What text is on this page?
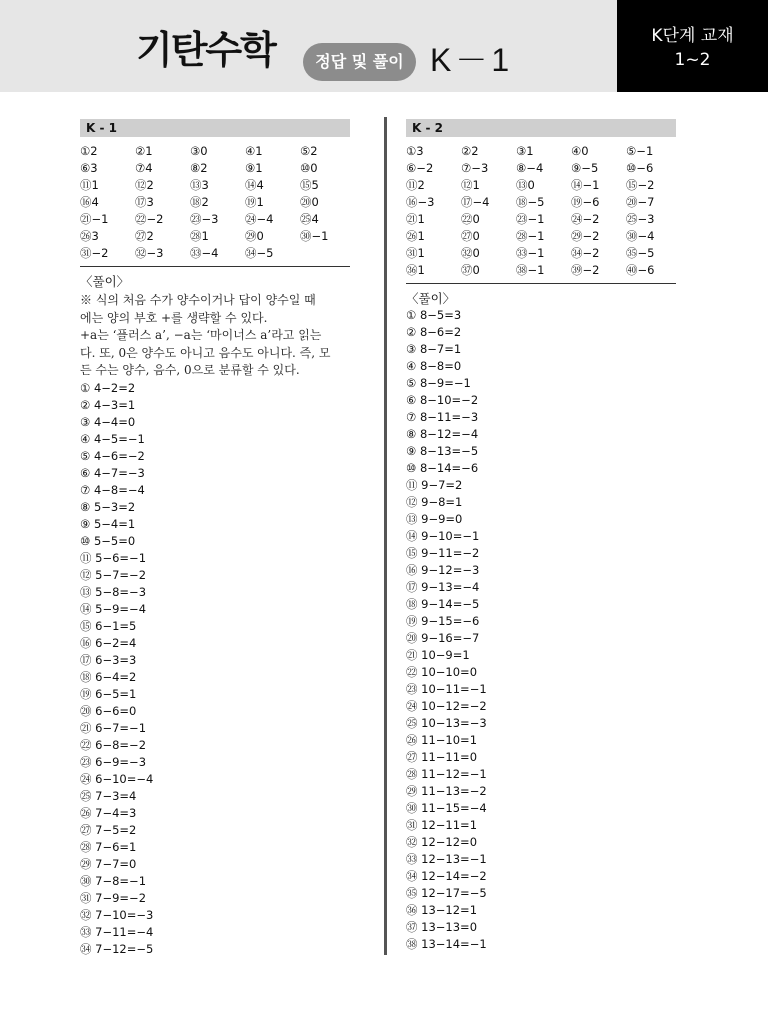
기탄수학	정답 및 풀이 K－1
K단계 교재
1~2
K - 1
①2	②1	③0	④1	⑤2
⑥3	⑦4	⑧2	⑨1	⑩0
⑪1	⑫2	⑬3	⑭4	⑮5
⑯4	⑰3	⑱2	⑲1	⑳0
㉑−1	㉒−2	㉓−3	㉔−4	㉕4
㉖3	㉗2	㉘1	㉙0	㉚−1
㉛−2	㉜−3	㉝−4	㉞−5
〈풀이〉
※ 식의 처음 수가 양수이거나 답이 양수일 때
에는 양의 부호 +를 생략할 수 있다.
+a는 ‘플러스 a’, −a는 ‘마이너스 a’라고 읽는
다. 또, 0은 양수도 아니고 음수도 아니다. 즉, 모
든 수는 양수, 음수, 0으로 분류할 수 있다.
① 4−2=2
② 4−3=1
③ 4−4=0
④ 4−5=−1
⑤ 4−6=−2
⑥ 4−7=−3
⑦ 4−8=−4
⑧ 5−3=2
⑨ 5−4=1
⑩ 5−5=0
⑪ 5−6=−1
⑫ 5−7=−2
⑬ 5−8=−3
⑭ 5−9=−4
⑮ 6−1=5
⑯ 6−2=4
⑰ 6−3=3
⑱ 6−4=2
⑲ 6−5=1
⑳ 6−6=0
㉑ 6−7=−1
㉒ 6−8=−2
㉓ 6−9=−3
㉔ 6−10=−4
㉕ 7−3=4
㉖ 7−4=3
㉗ 7−5=2
㉘ 7−6=1
㉙ 7−7=0
㉚ 7−8=−1
㉛ 7−9=−2
㉜ 7−10=−3
㉝ 7−11=−4
㉞ 7−12=−5
K - 2
①3	②2	③1	④0	⑤−1
⑥−2	⑦−3	⑧−4	⑨−5	⑩−6
⑪2	⑫1	⑬0	⑭−1	⑮−2
⑯−3	⑰−4	⑱−5	⑲−6	⑳−7
㉑1	㉒0	㉓−1	㉔−2	㉕−3
㉖1	㉗0	㉘−1	㉙−2	㉚−4
㉛1	㉜0	㉝−1	㉞−2	㉟−5
㊱1	㊲0	㊳−1	㊴−2	㊵−6
〈풀이〉
① 8−5=3
② 8−6=2
③ 8−7=1
④ 8−8=0
⑤ 8−9=−1
⑥ 8−10=−2
⑦ 8−11=−3
⑧ 8−12=−4
⑨ 8−13=−5
⑩ 8−14=−6
⑪ 9−7=2
⑫ 9−8=1
⑬ 9−9=0
⑭ 9−10=−1
⑮ 9−11=−2
⑯ 9−12=−3
⑰ 9−13=−4
⑱ 9−14=−5
⑲ 9−15=−6
⑳ 9−16=−7
㉑ 10−9=1
㉒ 10−10=0
㉓ 10−11=−1
㉔ 10−12=−2
㉕ 10−13=−3
㉖ 11−10=1
㉗ 11−11=0
㉘ 11−12=−1
㉙ 11−13=−2
㉚ 11−15=−4
㉛ 12−11=1
㉜ 12−12=0
㉝ 12−13=−1
㉞ 12−14=−2
㉟ 12−17=−5
㊱ 13−12=1
㊲ 13−13=0
㊳ 13−14=−1
